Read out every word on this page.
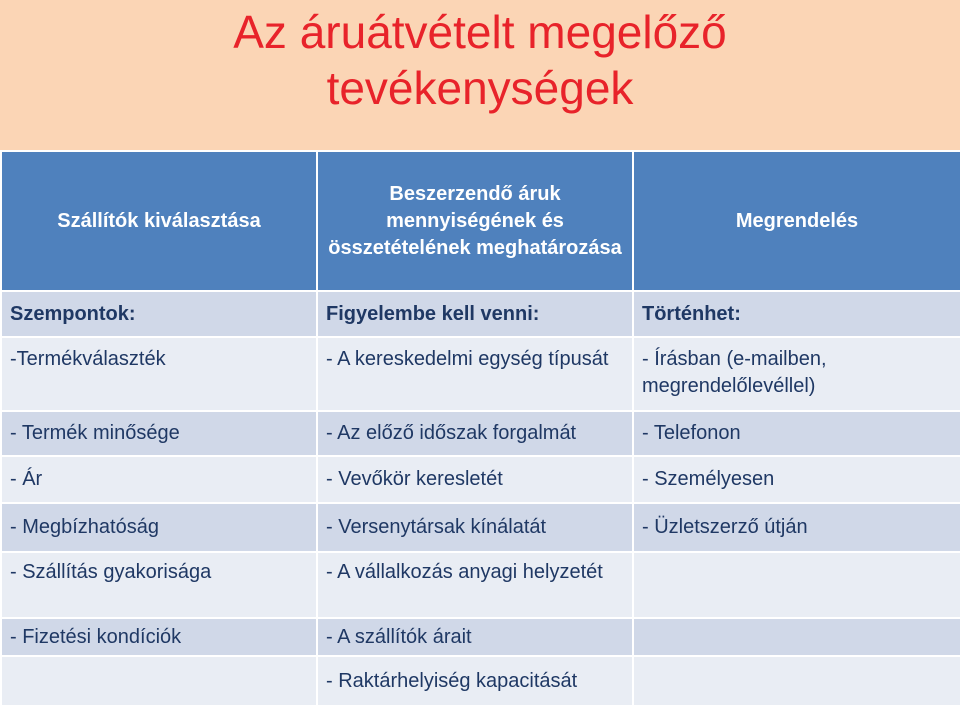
Az áruátvételt megelőző
tevékenységek
Szállítók kiválasztása	Beszerzendő áruk mennyiségének és összetételének meghatározása	Megrendelés
Szempontok:	Figyelembe kell venni:	Történhet:
-Termékválaszték	- A kereskedelmi egység típusát	- Írásban (e-mailben, megrendelőlevéllel)
- Termék minősége	- Az előző időszak forgalmát	- Telefonon
- Ár	- Vevőkör keresletét	- Személyesen
- Megbízhatóság	- Versenytársak kínálatát	- Üzletszerző útján
- Szállítás gyakorisága	- A vállalkozás anyagi helyzetét	
- Fizetési kondíciók	- A szállítók árait	
	- Raktárhelyiség kapacitását	
